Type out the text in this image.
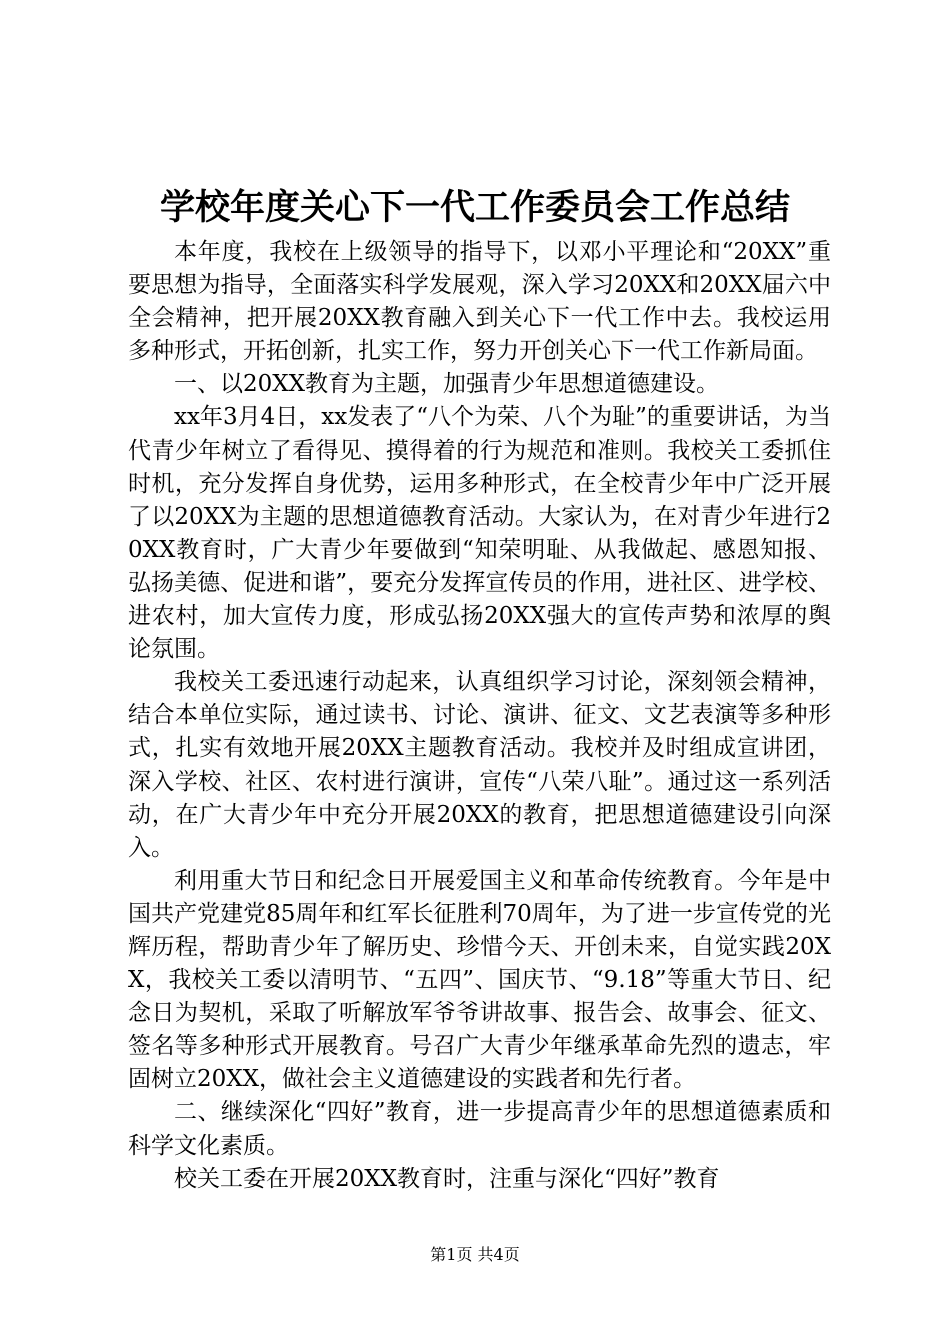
学校年度关心下一代工作委员会工作总结

本年度，我校在上级领导的指导下，以邓小平理论和“20XX”重要思想为指导，全面落实科学发展观，深入学习20XX和20XX届六中全会精神，把开展20XX教育融入到关心下一代工作中去。我校运用多种形式，开拓创新，扎实工作，努力开创关心下一代工作新局面。

一、以20XX教育为主题，加强青少年思想道德建设。

xx年3月4日，xx发表了“八个为荣、八个为耻”的重要讲话，为当代青少年树立了看得见、摸得着的行为规范和准则。我校关工委抓住时机，充分发挥自身优势，运用多种形式，在全校青少年中广泛开展了以20XX为主题的思想道德教育活动。大家认为，在对青少年进行20XX教育时，广大青少年要做到“知荣明耻、从我做起、感恩知报、弘扬美德、促进和谐”，要充分发挥宣传员的作用，进社区、进学校、进农村，加大宣传力度，形成弘扬20XX强大的宣传声势和浓厚的舆论氛围。

我校关工委迅速行动起来，认真组织学习讨论，深刻领会精神，结合本单位实际，通过读书、讨论、演讲、征文、文艺表演等多种形式，扎实有效地开展20XX主题教育活动。我校并及时组成宣讲团，深入学校、社区、农村进行演讲，宣传“八荣八耻”。通过这一系列活动，在广大青少年中充分开展20XX的教育，把思想道德建设引向深入。

利用重大节日和纪念日开展爱国主义和革命传统教育。今年是中国共产党建党85周年和红军长征胜利70周年，为了进一步宣传党的光辉历程，帮助青少年了解历史、珍惜今天、开创未来，自觉实践20XX，我校关工委以清明节、“五四”、国庆节、“9.18”等重大节日、纪念日为契机，采取了听解放军爷爷讲故事、报告会、故事会、征文、签名等多种形式开展教育。号召广大青少年继承革命先烈的遗志，牢固树立20XX，做社会主义道德建设的实践者和先行者。

二、继续深化“四好”教育，进一步提高青少年的思想道德素质和科学文化素质。

校关工委在开展20XX教育时，注重与深化“四好”教育

第1页 共4页
